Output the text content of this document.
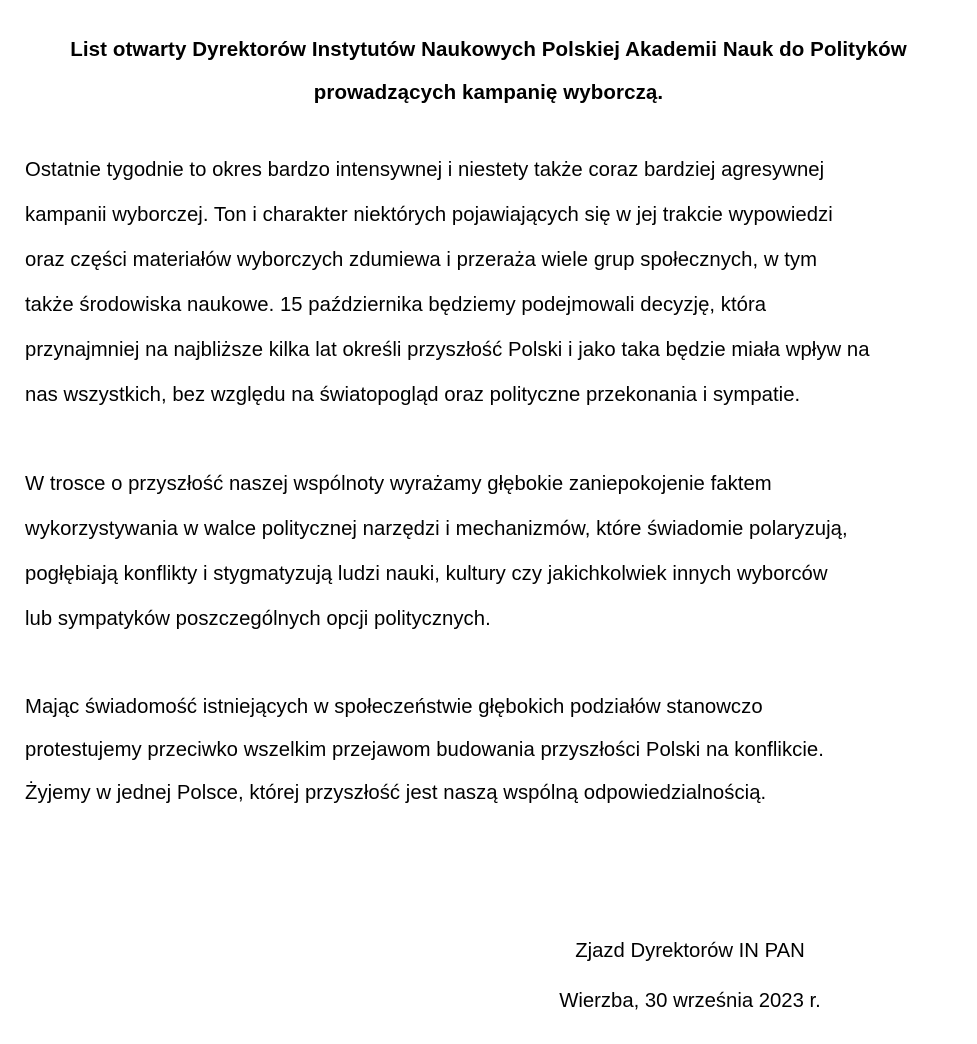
List otwarty Dyrektorów Instytutów Naukowych Polskiej Akademii Nauk do Polityków
prowadzących kampanię wyborczą.

Ostatnie tygodnie to okres bardzo intensywnej i niestety także coraz bardziej agresywnej
kampanii wyborczej. Ton i charakter niektórych pojawiających się w jej trakcie wypowiedzi
oraz części materiałów wyborczych zdumiewa i przeraża wiele grup społecznych, w tym
także środowiska naukowe. 15 października będziemy podejmowali decyzję, która
przynajmniej na najbliższe kilka lat określi przyszłość Polski i jako taka będzie miała wpływ na
nas wszystkich, bez względu na światopogląd oraz polityczne przekonania i sympatie.

W trosce o przyszłość naszej wspólnoty wyrażamy głębokie zaniepokojenie faktem
wykorzystywania w walce politycznej narzędzi i mechanizmów, które świadomie polaryzują,
pogłębiają konflikty i stygmatyzują ludzi nauki, kultury czy jakichkolwiek innych wyborców
lub sympatyków poszczególnych opcji politycznych.

Mając świadomość istniejących w społeczeństwie głębokich podziałów stanowczo
protestujemy przeciwko wszelkim przejawom budowania przyszłości Polski na konflikcie.
Żyjemy w jednej Polsce, której przyszłość jest naszą wspólną odpowiedzialnością.

Zjazd Dyrektorów IN PAN
Wierzba, 30 września 2023 r.
